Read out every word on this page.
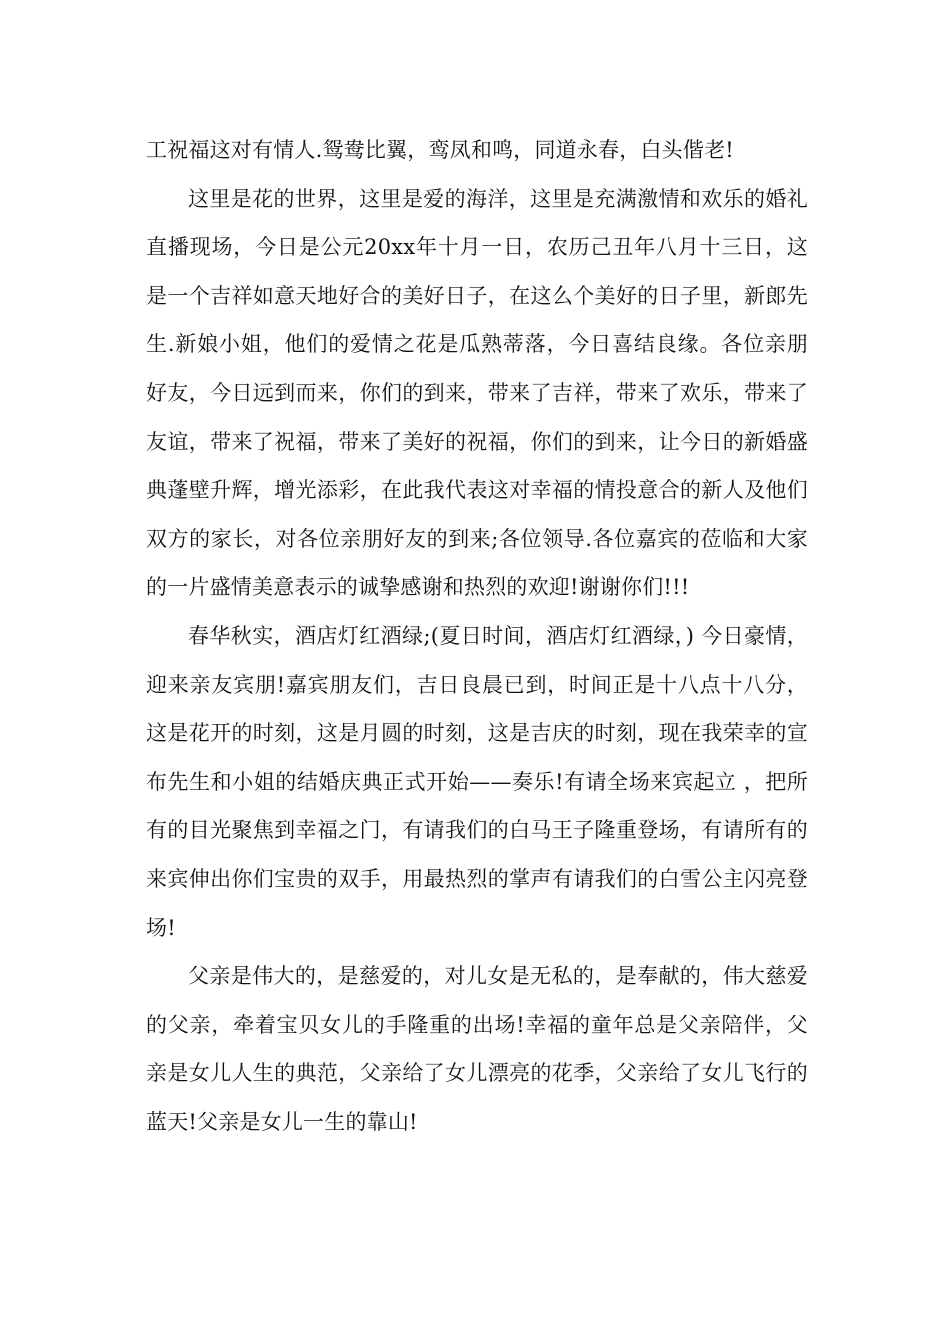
工祝福这对有情人.鸳鸯比翼，鸾凤和鸣，同道永春，白头偕老!

这里是花的世界，这里是爱的海洋，这里是充满激情和欢乐的婚礼直播现场，今日是公元20xx年十月一日，农历己丑年八月十三日，这是一个吉祥如意天地好合的美好日子，在这么个美好的日子里，新郎先生.新娘小姐，他们的爱情之花是瓜熟蒂落，今日喜结良缘。各位亲朋好友，今日远到而来，你们的到来，带来了吉祥，带来了欢乐，带来了友谊，带来了祝福，带来了美好的祝福，你们的到来，让今日的新婚盛典蓬壁升辉，增光添彩，在此我代表这对幸福的情投意合的新人及他们双方的家长，对各位亲朋好友的到来;各位领导.各位嘉宾的莅临和大家的一片盛情美意表示的诚挚感谢和热烈的欢迎!谢谢你们!!!

春华秋实，酒店灯红酒绿;(夏日时间，酒店灯红酒绿，) 今日豪情，迎来亲友宾朋!嘉宾朋友们，吉日良晨已到，时间正是十八点十八分，这是花开的时刻，这是月圆的时刻，这是吉庆的时刻，现在我荣幸的宣布先生和小姐的结婚庆典正式开始——奏乐!有请全场来宾起立 ，把所有的目光聚焦到幸福之门，有请我们的白马王子隆重登场，有请所有的来宾伸出你们宝贵的双手，用最热烈的掌声有请我们的白雪公主闪亮登场!

父亲是伟大的，是慈爱的，对儿女是无私的，是奉献的，伟大慈爱的父亲，牵着宝贝女儿的手隆重的出场!幸福的童年总是父亲陪伴，父亲是女儿人生的典范，父亲给了女儿漂亮的花季，父亲给了女儿飞行的蓝天!父亲是女儿一生的靠山!
